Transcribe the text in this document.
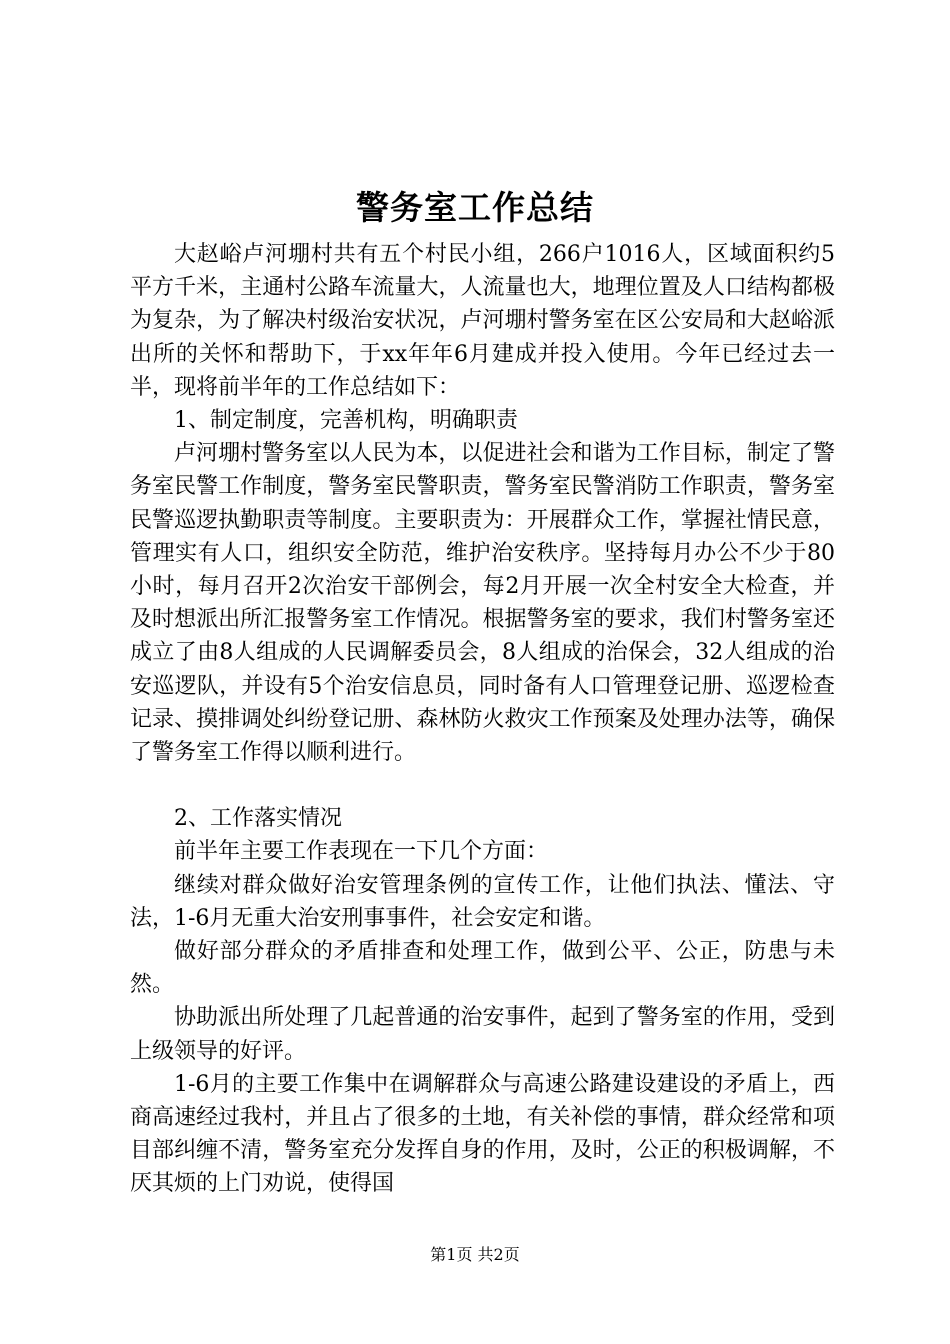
警务室工作总结

大赵峪卢河堋村共有五个村民小组，266户1016人，区域面积约5平方千米，主通村公路车流量大，人流量也大，地理位置及人口结构都极为复杂，为了解决村级治安状况，卢河堋村警务室在区公安局和大赵峪派出所的关怀和帮助下，于xx年年6月建成并投入使用。今年已经过去一半，现将前半年的工作总结如下：

1、制定制度，完善机构，明确职责

卢河堋村警务室以人民为本，以促进社会和谐为工作目标，制定了警务室民警工作制度，警务室民警职责，警务室民警消防工作职责，警务室民警巡逻执勤职责等制度。主要职责为：开展群众工作，掌握社情民意，管理实有人口，组织安全防范，维护治安秩序。坚持每月办公不少于80小时，每月召开2次治安干部例会，每2月开展一次全村安全大检查，并及时想派出所汇报警务室工作情况。根据警务室的要求，我们村警务室还成立了由8人组成的人民调解委员会，8人组成的治保会，32人组成的治安巡逻队，并设有5个治安信息员，同时备有人口管理登记册、巡逻检查记录、摸排调处纠纷登记册、森林防火救灾工作预案及处理办法等，确保了警务室工作得以顺利进行。

2、工作落实情况

前半年主要工作表现在一下几个方面：

继续对群众做好治安管理条例的宣传工作，让他们执法、懂法、守法，1-6月无重大治安刑事事件，社会安定和谐。

做好部分群众的矛盾排查和处理工作，做到公平、公正，防患与未然。

协助派出所处理了几起普通的治安事件，起到了警务室的作用，受到上级领导的好评。

1-6月的主要工作集中在调解群众与高速公路建设建设的矛盾上，西商高速经过我村，并且占了很多的土地，有关补偿的事情，群众经常和项目部纠缠不清，警务室充分发挥自身的作用，及时，公正的积极调解，不厌其烦的上门劝说，使得国

第1页 共2页
